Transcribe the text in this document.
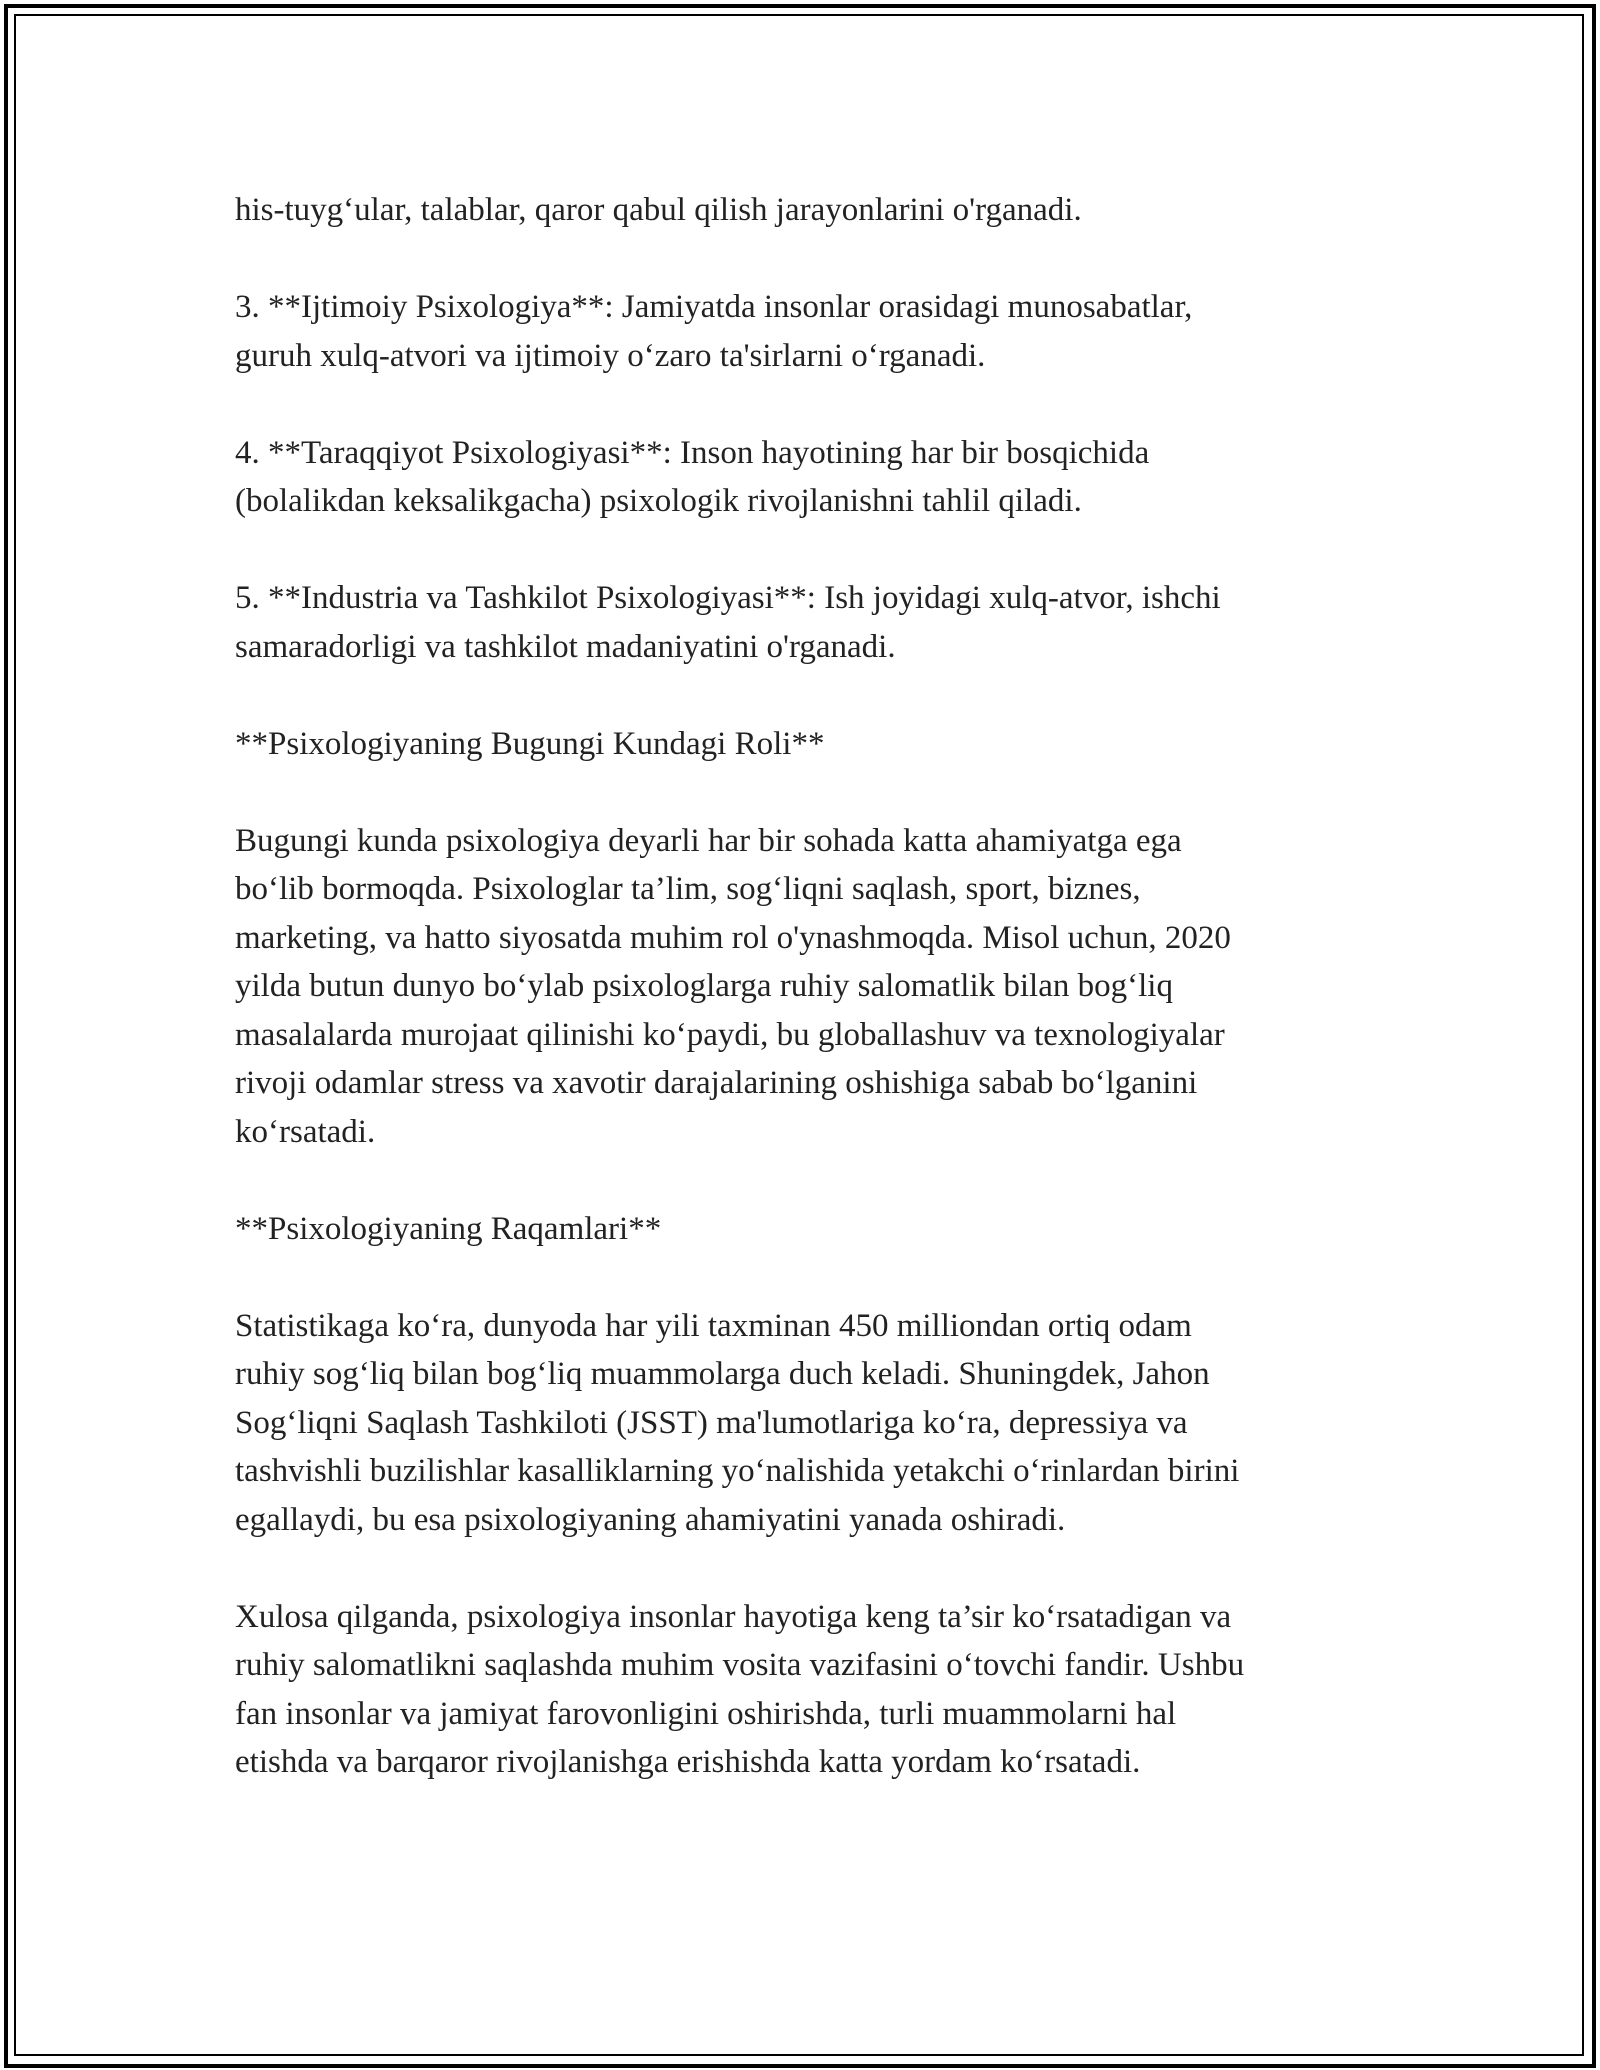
his-tuyg‘ular, talablar, qaror qabul qilish jarayonlarini o'rganadi.

3. **Ijtimoiy Psixologiya**: Jamiyatda insonlar orasidagi munosabatlar,
guruh xulq-atvori va ijtimoiy o‘zaro ta'sirlarni o‘rganadi.

4. **Taraqqiyot Psixologiyasi**: Inson hayotining har bir bosqichida
(bolalikdan keksalikgacha) psixologik rivojlanishni tahlil qiladi.

5. **Industria va Tashkilot Psixologiyasi**: Ish joyidagi xulq-atvor, ishchi
samaradorligi va tashkilot madaniyatini o'rganadi.

**Psixologiyaning Bugungi Kundagi Roli**

Bugungi kunda psixologiya deyarli har bir sohada katta ahamiyatga ega
bo‘lib bormoqda. Psixologlar ta’lim, sog‘liqni saqlash, sport, biznes,
marketing, va hatto siyosatda muhim rol o'ynashmoqda. Misol uchun, 2020
yilda butun dunyo bo‘ylab psixologlarga ruhiy salomatlik bilan bog‘liq
masalalarda murojaat qilinishi ko‘paydi, bu globallashuv va texnologiyalar
rivoji odamlar stress va xavotir darajalarining oshishiga sabab bo‘lganini
ko‘rsatadi.

**Psixologiyaning Raqamlari**

Statistikaga ko‘ra, dunyoda har yili taxminan 450 milliondan ortiq odam
ruhiy sog‘liq bilan bog‘liq muammolarga duch keladi. Shuningdek, Jahon
Sog‘liqni Saqlash Tashkiloti (JSST) ma'lumotlariga ko‘ra, depressiya va
tashvishli buzilishlar kasalliklarning yo‘nalishida yetakchi o‘rinlardan birini
egallaydi, bu esa psixologiyaning ahamiyatini yanada oshiradi.

Xulosa qilganda, psixologiya insonlar hayotiga keng ta’sir ko‘rsatadigan va
ruhiy salomatlikni saqlashda muhim vosita vazifasini o‘tovchi fandir. Ushbu
fan insonlar va jamiyat farovonligini oshirishda, turli muammolarni hal
etishda va barqaror rivojlanishga erishishda katta yordam ko‘rsatadi.
